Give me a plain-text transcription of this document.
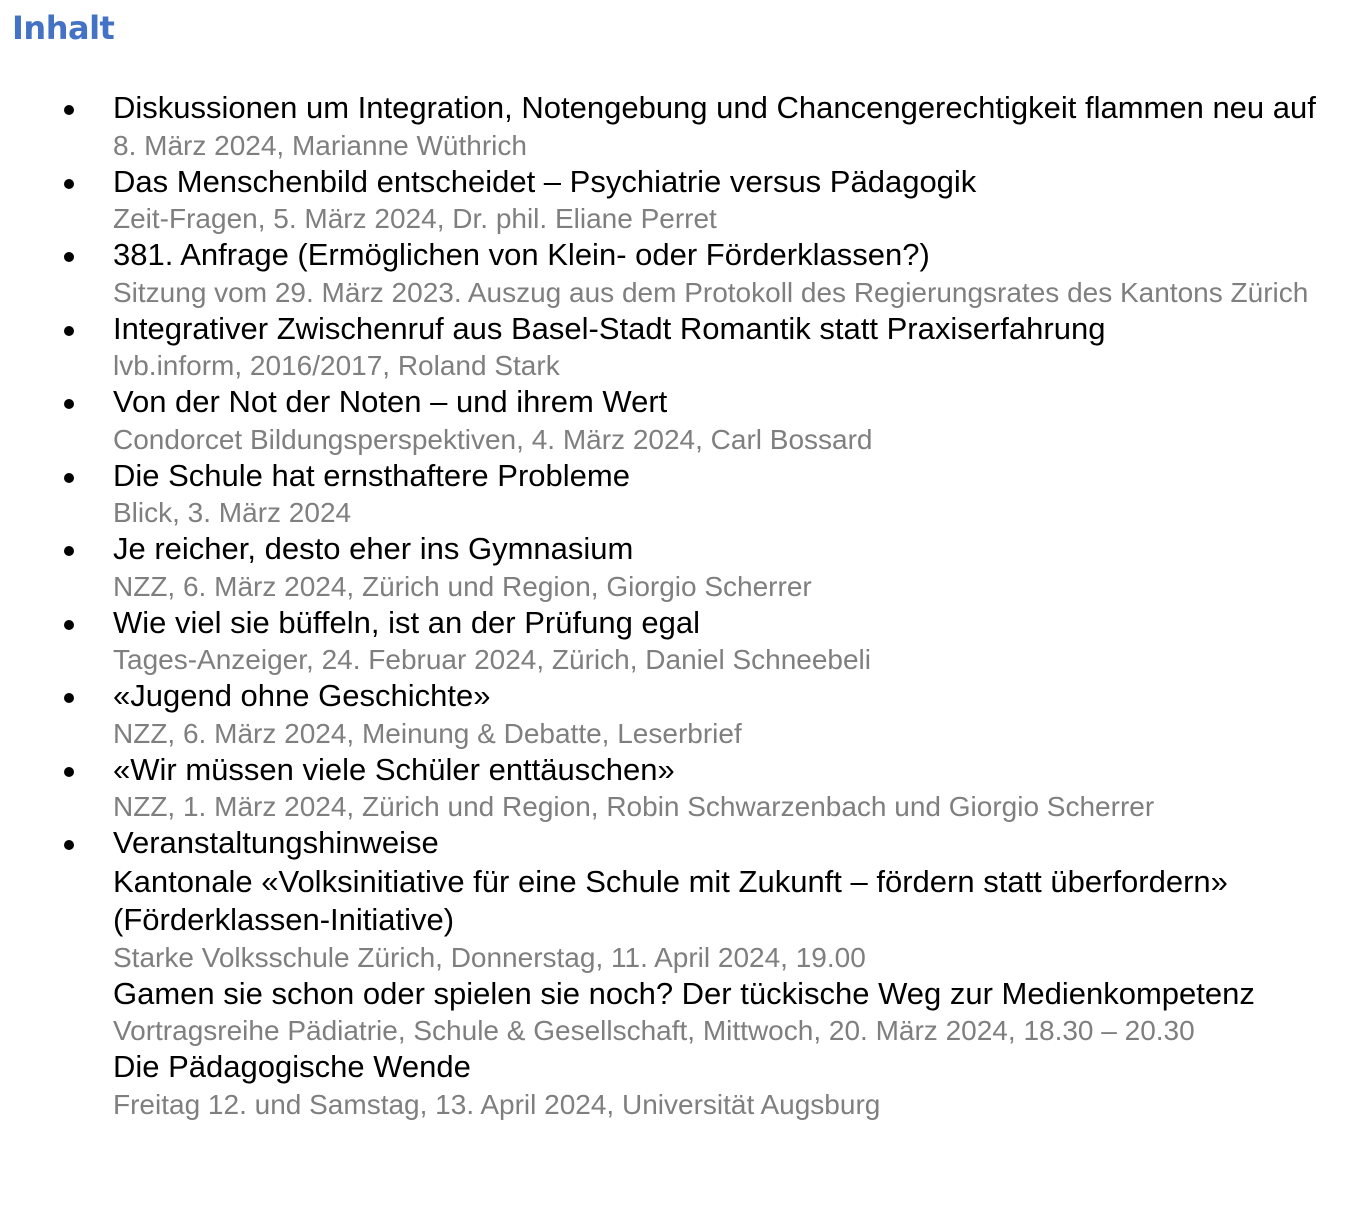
Inhalt
Diskussionen um Integration, Notengebung und Chancengerechtigkeit flammen neu auf
8. März 2024, Marianne Wüthrich
Das Menschenbild entscheidet – Psychiatrie versus Pädagogik
Zeit-Fragen, 5. März 2024, Dr. phil. Eliane Perret
381. Anfrage (Ermöglichen von Klein- oder Förderklassen?)
Sitzung vom 29. März 2023. Auszug aus dem Protokoll des Regierungsrates des Kantons Zürich
Integrativer Zwischenruf aus Basel-Stadt Romantik statt Praxiserfahrung
lvb.inform, 2016/2017, Roland Stark
Von der Not der Noten – und ihrem Wert
Condorcet Bildungsperspektiven, 4. März 2024, Carl Bossard
Die Schule hat ernsthaftere Probleme
Blick, 3. März 2024
Je reicher, desto eher ins Gymnasium
NZZ, 6. März 2024, Zürich und Region, Giorgio Scherrer
Wie viel sie büffeln, ist an der Prüfung egal
Tages-Anzeiger, 24. Februar 2024, Zürich, Daniel Schneebeli
«Jugend ohne Geschichte»
NZZ, 6. März 2024, Meinung & Debatte, Leserbrief
«Wir müssen viele Schüler enttäuschen»
NZZ, 1. März 2024, Zürich und Region, Robin Schwarzenbach und Giorgio Scherrer
Veranstaltungshinweise
Kantonale «Volksinitiative für eine Schule mit Zukunft – fördern statt überfordern» (Förderklassen-Initiative)
Starke Volksschule Zürich, Donnerstag, 11. April 2024, 19.00
Gamen sie schon oder spielen sie noch? Der tückische Weg zur Medienkompetenz
Vortragsreihe Pädiatrie, Schule & Gesellschaft, Mittwoch, 20. März 2024, 18.30 – 20.30
Die Pädagogische Wende
Freitag 12. und Samstag, 13. April 2024, Universität Augsburg
